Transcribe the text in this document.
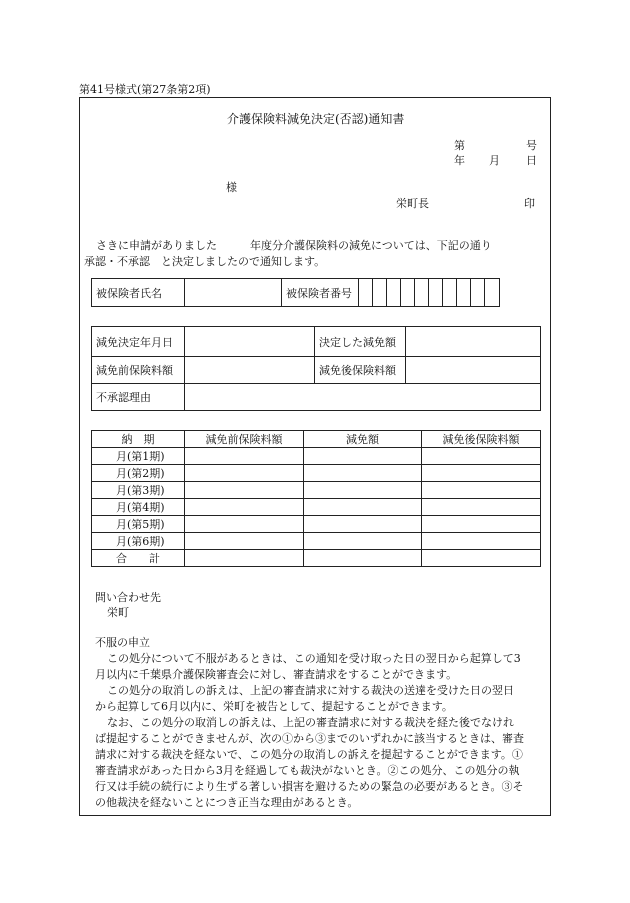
第41号様式(第27条第2項)
介護保険料減免決定(否認)通知書
第	号
年 月 日
様
栄町長	印
さきに申請がありました　　　年度分介護保険料の減免については、下記の通り
承認・不承認　と決定しましたので通知します。
被保険者氏名		被保険者番号										
減免決定年月日		決定した減免額	
減免前保険料額		減免後保険料額	
不承認理由			
納　期	減免前保険料額	減免額	減免後保険料額
月(第1期)			
月(第2期)			
月(第3期)			
月(第4期)			
月(第5期)			
月(第6期)			
合　　計			
問い合わせ先
栄町
不服の申立
この処分について不服があるときは、この通知を受け取った日の翌日から起算して3
月以内に千葉県介護保険審査会に対し、審査請求をすることができます。
この処分の取消しの訴えは、上記の審査請求に対する裁決の送達を受けた日の翌日
から起算して6月以内に、栄町を被告として、提起することができます。
なお、この処分の取消しの訴えは、上記の審査請求に対する裁決を経た後でなけれ
ば提起することができませんが、次の①から③までのいずれかに該当するときは、審査
請求に対する裁決を経ないで、この処分の取消しの訴えを提起することができます。①
審査請求があった日から3月を経過しても裁決がないとき。②この処分、この処分の執
行又は手続の続行により生ずる著しい損害を避けるための緊急の必要があるとき。③そ
の他裁決を経ないことにつき正当な理由があるとき。
